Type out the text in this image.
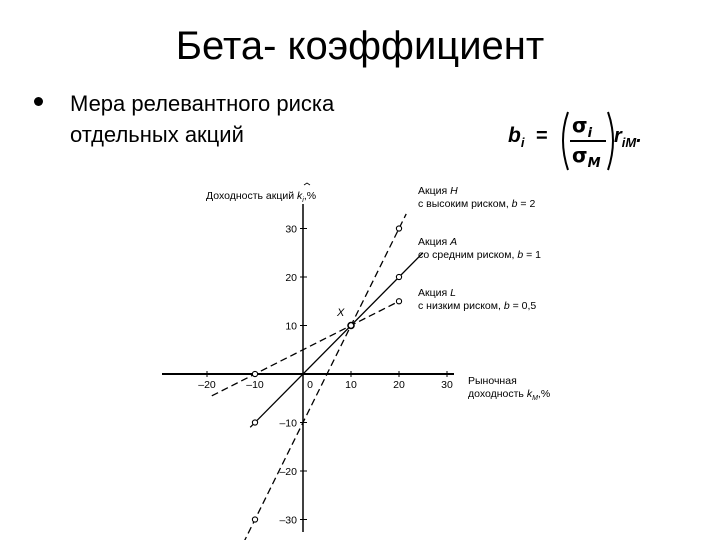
Бета- коэффициент
Мера релевантного риска отдельных акций	$b_i = \sigma_i$
$\sigma_M$
$r_{iM}$.
–20	–10	0	10	20	30
30
20
10
–10
–20
–30
Доходность акций $k_i,\%$
Рыночная
доходность $k_M,\%$
X
Акция H
с высоким риском, b = 2
Акция A
со средним риском, b = 1
Акция L
с низким риском, b = 0,5
